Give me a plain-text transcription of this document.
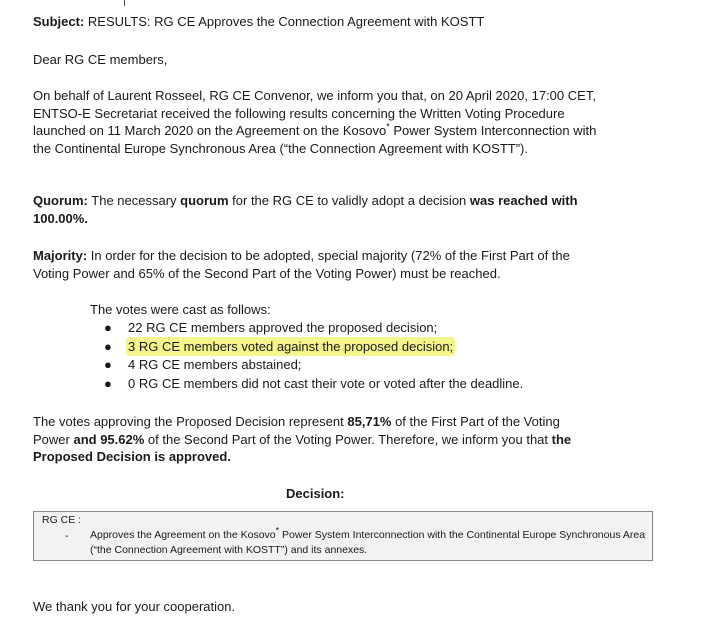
Subject: RESULTS: RG CE Approves the Connection Agreement with KOSTT

Dear RG CE members,

On behalf of Laurent Rosseel, RG CE Convenor, we inform you that, on 20 April 2020, 17:00 CET, ENTSO-E Secretariat received the following results concerning the Written Voting Procedure launched on 11 March 2020 on the Agreement on the Kosovo* Power System Interconnection with the Continental Europe Synchronous Area (“the Connection Agreement with KOSTT”).

Quorum: The necessary quorum for the RG CE to validly adopt a decision was reached with 100.00%.

Majority: In order for the decision to be adopted, special majority (72% of the First Part of the Voting Power and 65% of the Second Part of the Voting Power) must be reached.

The votes were cast as follows:

● 22 RG CE members approved the proposed decision;
● 3 RG CE members voted against the proposed decision;
● 4 RG CE members abstained;
● 0 RG CE members did not cast their vote or voted after the deadline.

The votes approving the Proposed Decision represent 85,71% of the First Part of the Voting Power and 95.62% of the Second Part of the Voting Power. Therefore, we inform you that the Proposed Decision is approved.

Decision:

RG CE :
- Approves the Agreement on the Kosovo* Power System Interconnection with the Continental Europe Synchronous Area (“the Connection Agreement with KOSTT”) and its annexes.

We thank you for your cooperation.
